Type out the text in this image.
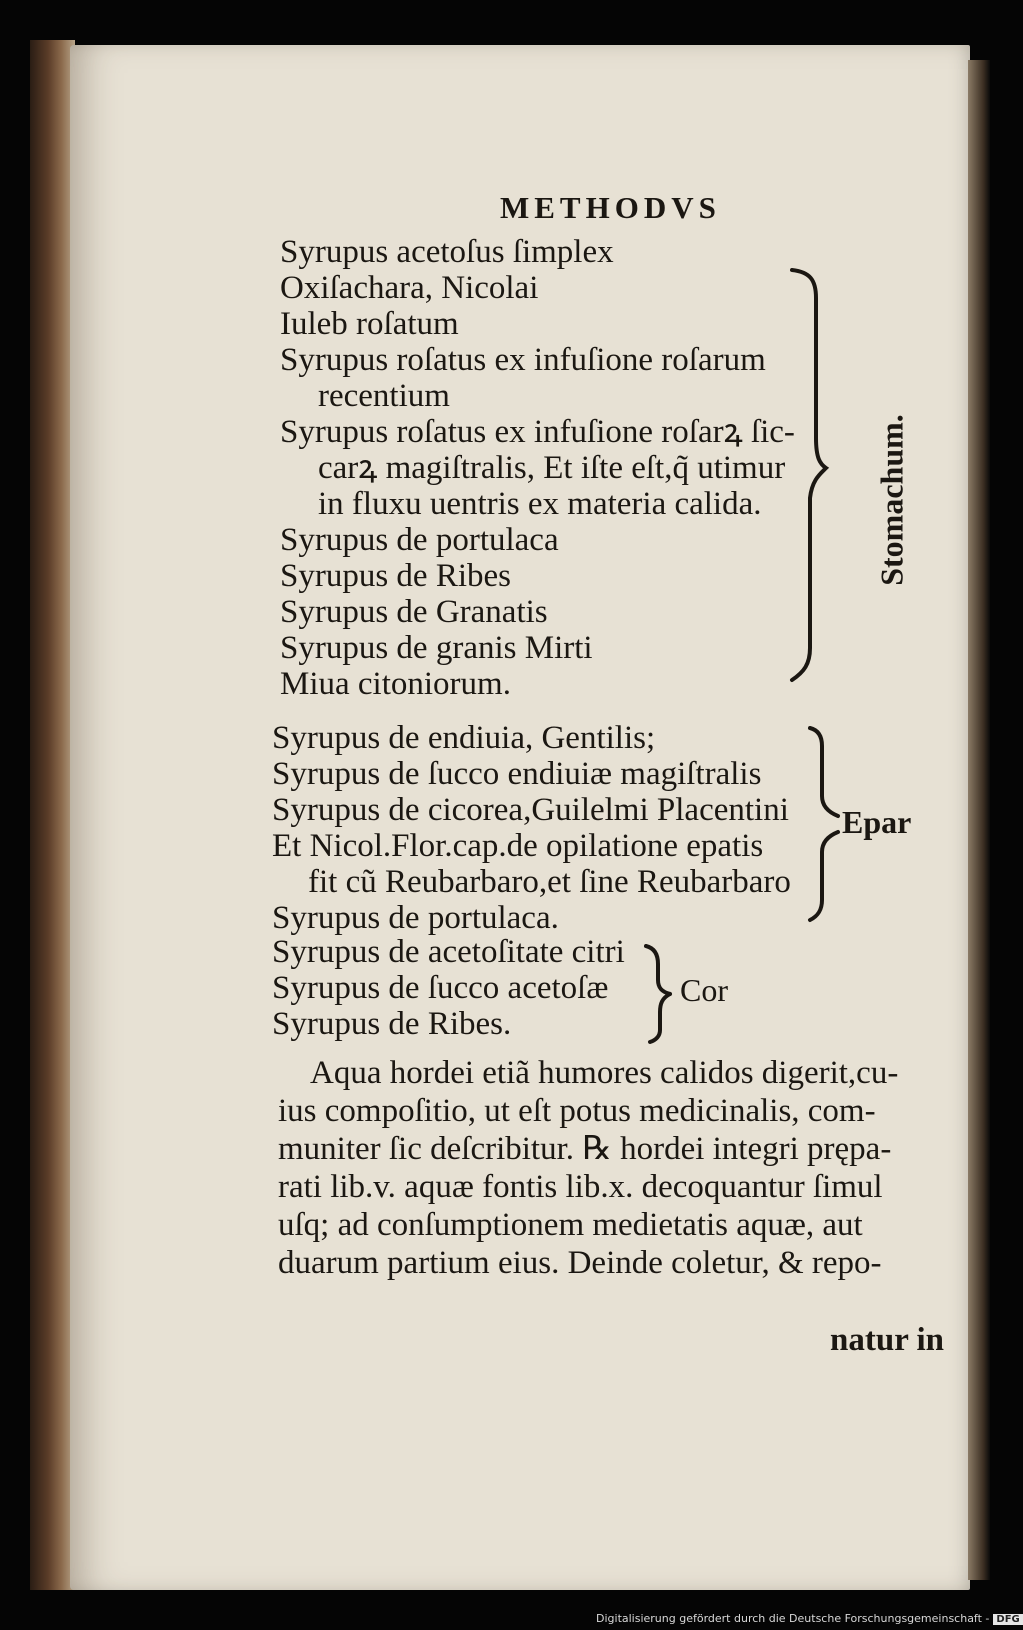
METHODVS
Syrupus acetoſus ſimplex
Oxiſachara, Nicolai
Iuleb roſatum
Syrupus roſatus ex infuſione roſarum
recentium
Syrupus roſatus ex infuſione roſarꝝ ſic-
carꝝ magiſtralis, Et iſte eſt,q̃ utimur
in fluxu uentris ex materia calida.
Syrupus de portulaca
Syrupus de Ribes
Syrupus de Granatis
Syrupus de granis Mirti
Miua citoniorum.
Stomachum.
Syrupus de endiuia, Gentilis;
Syrupus de ſucco endiuiæ magiſtralis
Syrupus de cicorea,Guilelmi Placentini
Et Nicol.Flor.cap.de opilatione epatis
fit cũ Reubarbaro,et ſine Reubarbaro
Syrupus de portulaca.
Epar
Syrupus de acetoſitate citri
Syrupus de ſucco acetoſæ
Syrupus de Ribes.
Cor
Aqua hordei etiã humores calidos digerit,cu-
ius compoſitio, ut eſt potus medicinalis, com-
muniter ſic deſcribitur. ℞ hordei integri prępa-
rati lib.v. aquæ fontis lib.x. decoquantur ſimul
uſq; ad conſumptionem medietatis aquæ, aut
duarum partium eius. Deinde coletur, & repo-
natur in
Digitalisierung gefördert durch die Deutsche Forschungsgemeinschaft - DFG
